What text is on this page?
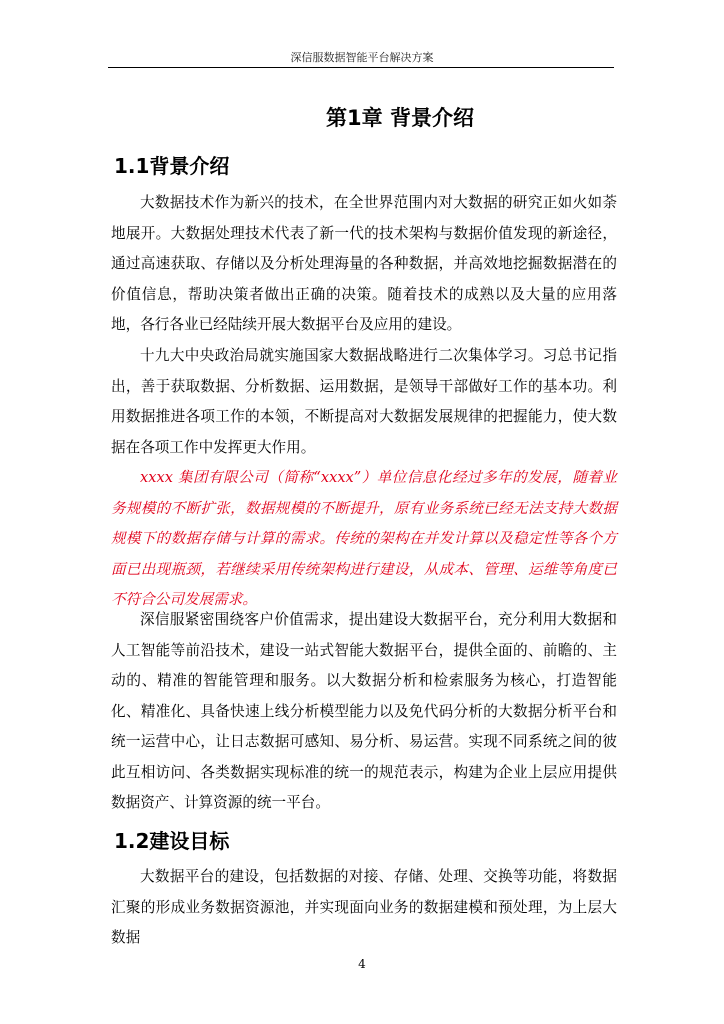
深信服数据智能平台解决方案
第1章 背景介绍
1.1背景介绍

大数据技术作为新兴的技术，在全世界范围内对大数据的研究正如火如荼地展开。大数据处理技术代表了新一代的技术架构与数据价值发现的新途径，通过高速获取、存储以及分析处理海量的各种数据，并高效地挖掘数据潜在的价值信息，帮助决策者做出正确的决策。随着技术的成熟以及大量的应用落地，各行各业已经陆续开展大数据平台及应用的建设。

十九大中央政治局就实施国家大数据战略进行二次集体学习。习总书记指出，善于获取数据、分析数据、运用数据，是领导干部做好工作的基本功。利用数据推进各项工作的本领，不断提高对大数据发展规律的把握能力，使大数据在各项工作中发挥更大作用。

xxxx 集团有限公司（简称“xxxx”）单位信息化经过多年的发展，随着业务规模的不断扩张，数据规模的不断提升，原有业务系统已经无法支持大数据规模下的数据存储与计算的需求。传统的架构在并发计算以及稳定性等各个方面已出现瓶颈，若继续采用传统架构进行建设，从成本、管理、运维等角度已不符合公司发展需求。

深信服紧密围绕客户价值需求，提出建设大数据平台，充分利用大数据和人工智能等前沿技术，建设一站式智能大数据平台，提供全面的、前瞻的、主动的、精准的智能管理和服务。以大数据分析和检索服务为核心，打造智能化、精准化、具备快速上线分析模型能力以及免代码分析的大数据分析平台和统一运营中心，让日志数据可感知、易分析、易运营。实现不同系统之间的彼此互相访问、各类数据实现标准的统一的规范表示，构建为企业上层应用提供数据资产、计算资源的统一平台。

1.2建设目标

大数据平台的建设，包括数据的对接、存储、处理、交换等功能，将数据汇聚的形成业务数据资源池，并实现面向业务的数据建模和预处理，为上层大数据

4
